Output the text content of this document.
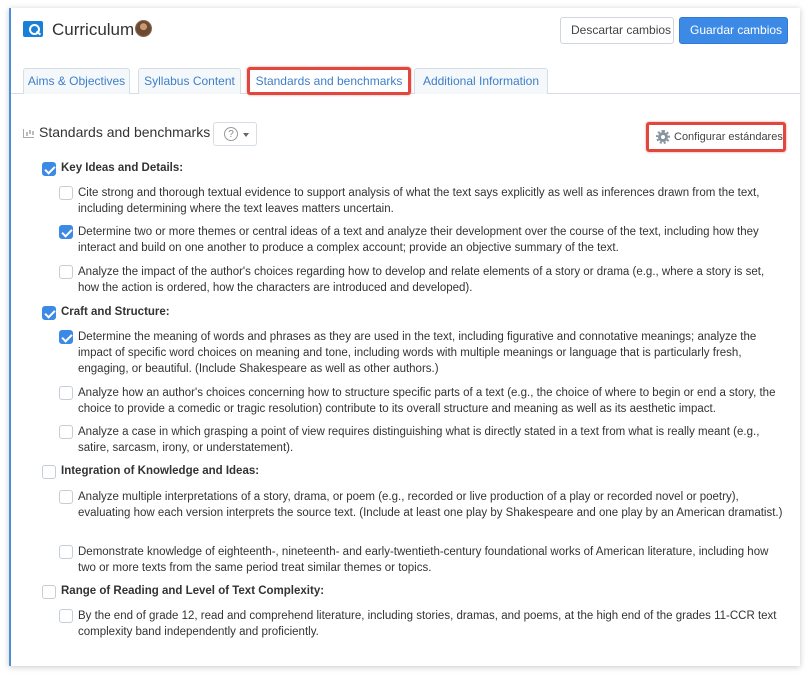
Curriculum	Descartar cambios	Guardar cambios
Aims & Objectives	Syllabus Content	Standards and benchmarks	Additional Information
Standards and benchmarks	?	Configurar estándares
Key Ideas and Details:
Cite strong and thorough textual evidence to support analysis of what the text says explicitly as well as inferences drawn from the text, including determining where the text leaves matters uncertain.
Determine two or more themes or central ideas of a text and analyze their development over the course of the text, including how they interact and build on one another to produce a complex account; provide an objective summary of the text.
Analyze the impact of the author's choices regarding how to develop and relate elements of a story or drama (e.g., where a story is set, how the action is ordered, how the characters are introduced and developed).
Craft and Structure:
Determine the meaning of words and phrases as they are used in the text, including figurative and connotative meanings; analyze the impact of specific word choices on meaning and tone, including words with multiple meanings or language that is particularly fresh, engaging, or beautiful. (Include Shakespeare as well as other authors.)
Analyze how an author's choices concerning how to structure specific parts of a text (e.g., the choice of where to begin or end a story, the choice to provide a comedic or tragic resolution) contribute to its overall structure and meaning as well as its aesthetic impact.
Analyze a case in which grasping a point of view requires distinguishing what is directly stated in a text from what is really meant (e.g., satire, sarcasm, irony, or understatement).
Integration of Knowledge and Ideas:
Analyze multiple interpretations of a story, drama, or poem (e.g., recorded or live production of a play or recorded novel or poetry), evaluating how each version interprets the source text. (Include at least one play by Shakespeare and one play by an American dramatist.)
Demonstrate knowledge of eighteenth-, nineteenth- and early-twentieth-century foundational works of American literature, including how two or more texts from the same period treat similar themes or topics.
Range of Reading and Level of Text Complexity:
By the end of grade 12, read and comprehend literature, including stories, dramas, and poems, at the high end of the grades 11-CCR text complexity band independently and proficiently.
